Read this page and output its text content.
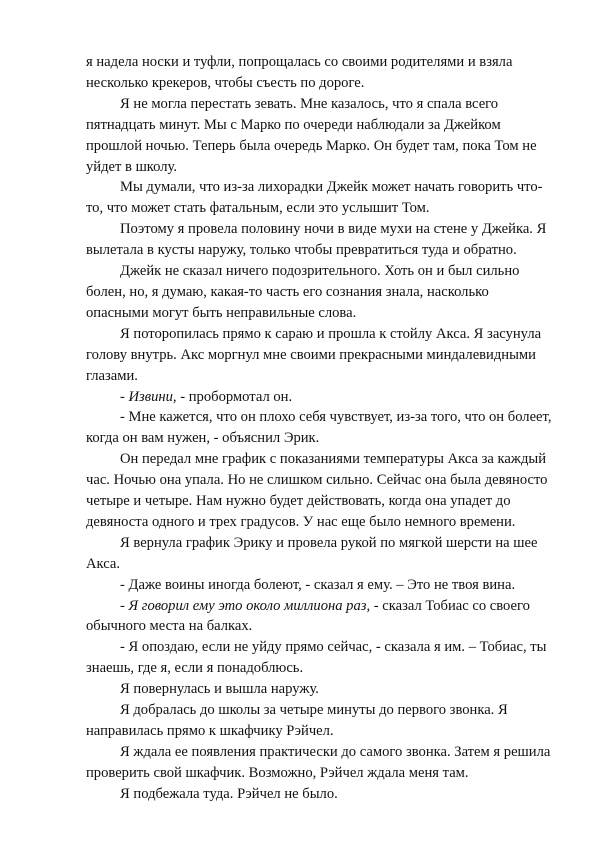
я надела носки и туфли, попрощалась со своими родителями и взяла несколько крекеров, чтобы съесть по дороге.

Я не могла перестать зевать. Мне казалось, что я спала всего пятнадцать минут. Мы с Марко по очереди наблюдали за Джейком прошлой ночью. Теперь была очередь Марко. Он будет там, пока Том не уйдет в школу.

Мы думали, что из-за лихорадки Джейк может начать говорить что-то, что может стать фатальным, если это услышит Том.

Поэтому я провела половину ночи в виде мухи на стене у Джейка. Я вылетала в кусты наружу, только чтобы превратиться туда и обратно.

Джейк не сказал ничего подозрительного. Хоть он и был сильно болен, но, я думаю, какая-то часть его сознания знала, насколько опасными могут быть неправильные слова.

Я поторопилась прямо к сараю и прошла к стойлу Акса. Я засунула голову внутрь. Акс моргнул мне своими прекрасными миндалевидными глазами.

- Извини, - пробормотал он.

- Мне кажется, что он плохо себя чувствует, из-за того, что он болеет, когда он вам нужен, - объяснил Эрик.

Он передал мне график с показаниями температуры Акса за каждый час. Ночью она упала. Но не слишком сильно. Сейчас она была девяносто четыре и четыре. Нам нужно будет действовать, когда она упадет до девяноста одного и трех градусов. У нас еще было немного времени.

Я вернула график Эрику и провела рукой по мягкой шерсти на шее Акса.

- Даже воины иногда болеют, - сказал я ему. – Это не твоя вина.

- Я говорил ему это около миллиона раз, - сказал Тобиас со своего обычного места на балках.

- Я опоздаю, если не уйду прямо сейчас, - сказала я им. – Тобиас, ты знаешь, где я, если я понадоблюсь.

Я повернулась и вышла наружу.

Я добралась до школы за четыре минуты до первого звонка. Я направилась прямо к шкафчику Рэйчел.

Я ждала ее появления практически до самого звонка. Затем я решила проверить свой шкафчик. Возможно, Рэйчел ждала меня там.

Я подбежала туда. Рэйчел не было.
